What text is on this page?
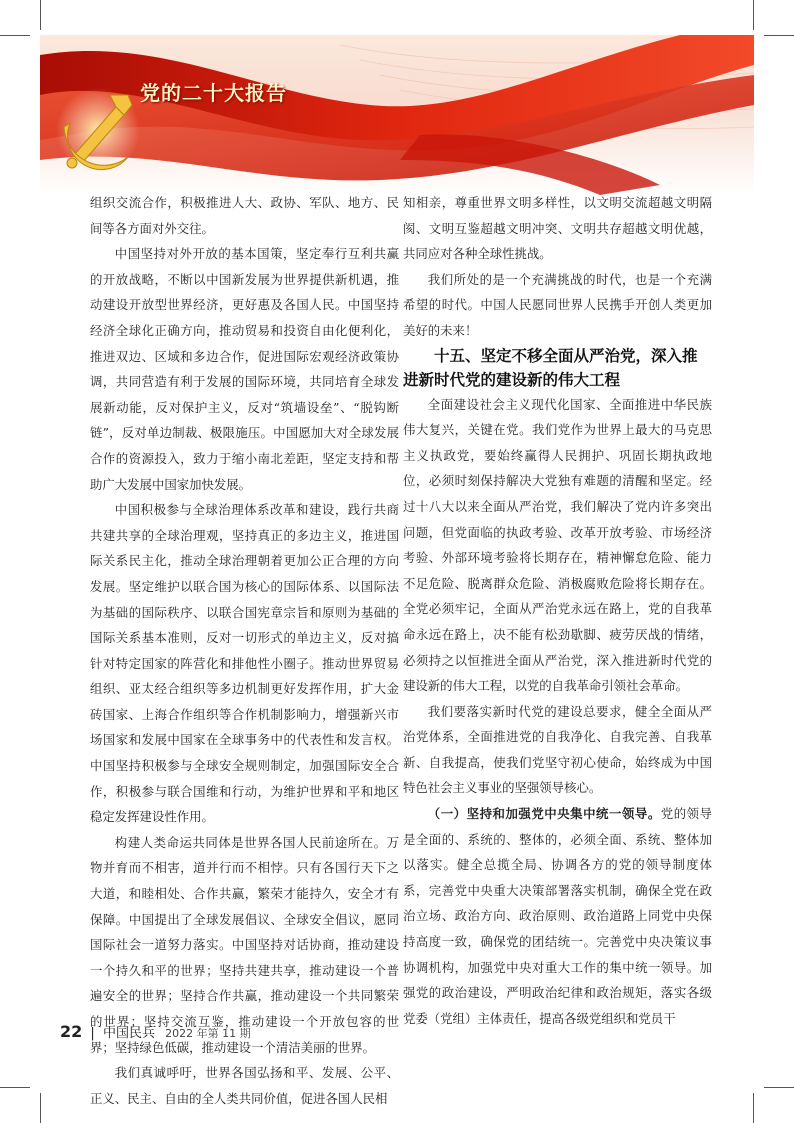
党的二十大报告

组织交流合作，积极推进人大、政协、军队、地方、民间等各方面对外交往。

中国坚持对外开放的基本国策，坚定奉行互利共赢的开放战略，不断以中国新发展为世界提供新机遇，推动建设开放型世界经济，更好惠及各国人民。中国坚持经济全球化正确方向，推动贸易和投资自由化便利化，推进双边、区域和多边合作，促进国际宏观经济政策协调，共同营造有利于发展的国际环境，共同培育全球发展新动能，反对保护主义，反对“筑墙设垒”、“脱钩断链”，反对单边制裁、极限施压。中国愿加大对全球发展合作的资源投入，致力于缩小南北差距，坚定支持和帮助广大发展中国家加快发展。

中国积极参与全球治理体系改革和建设，践行共商共建共享的全球治理观，坚持真正的多边主义，推进国际关系民主化，推动全球治理朝着更加公正合理的方向发展。坚定维护以联合国为核心的国际体系、以国际法为基础的国际秩序、以联合国宪章宗旨和原则为基础的国际关系基本准则，反对一切形式的单边主义，反对搞针对特定国家的阵营化和排他性小圈子。推动世界贸易组织、亚太经合组织等多边机制更好发挥作用，扩大金砖国家、上海合作组织等合作机制影响力，增强新兴市场国家和发展中国家在全球事务中的代表性和发言权。中国坚持积极参与全球安全规则制定，加强国际安全合作，积极参与联合国维和行动，为维护世界和平和地区稳定发挥建设性作用。

构建人类命运共同体是世界各国人民前途所在。万物并育而不相害，道并行而不相悖。只有各国行天下之大道，和睦相处、合作共赢，繁荣才能持久，安全才有保障。中国提出了全球发展倡议、全球安全倡议，愿同国际社会一道努力落实。中国坚持对话协商，推动建设一个持久和平的世界；坚持共建共享，推动建设一个普遍安全的世界；坚持合作共赢，推动建设一个共同繁荣的世界；坚持交流互鉴，推动建设一个开放包容的世界；坚持绿色低碳，推动建设一个清洁美丽的世界。

我们真诚呼吁，世界各国弘扬和平、发展、公平、正义、民主、自由的全人类共同价值，促进各国人民相

知相亲，尊重世界文明多样性，以文明交流超越文明隔阂、文明互鉴超越文明冲突、文明共存超越文明优越，共同应对各种全球性挑战。

我们所处的是一个充满挑战的时代，也是一个充满希望的时代。中国人民愿同世界人民携手开创人类更加美好的未来！

十五、坚定不移全面从严治党，深入推进新时代党的建设新的伟大工程

全面建设社会主义现代化国家、全面推进中华民族伟大复兴，关键在党。我们党作为世界上最大的马克思主义执政党，要始终赢得人民拥护、巩固长期执政地位，必须时刻保持解决大党独有难题的清醒和坚定。经过十八大以来全面从严治党，我们解决了党内许多突出问题，但党面临的执政考验、改革开放考验、市场经济考验、外部环境考验将长期存在，精神懈怠危险、能力不足危险、脱离群众危险、消极腐败危险将长期存在。全党必须牢记，全面从严治党永远在路上，党的自我革命永远在路上，决不能有松劲歇脚、疲劳厌战的情绪，必须持之以恒推进全面从严治党，深入推进新时代党的建设新的伟大工程，以党的自我革命引领社会革命。

我们要落实新时代党的建设总要求，健全全面从严治党体系，全面推进党的自我净化、自我完善、自我革新、自我提高，使我们党坚守初心使命，始终成为中国特色社会主义事业的坚强领导核心。

（一）坚持和加强党中央集中统一领导。党的领导是全面的、系统的、整体的，必须全面、系统、整体加以落实。健全总揽全局、协调各方的党的领导制度体系，完善党中央重大决策部署落实机制，确保全党在政治立场、政治方向、政治原则、政治道路上同党中央保持高度一致，确保党的团结统一。完善党中央决策议事协调机构，加强党中央对重大工作的集中统一领导。加强党的政治建设，严明政治纪律和政治规矩，落实各级党委（党组）主体责任，提高各级党组织和党员干

22 | 中国民兵 2022 年第 11 期
